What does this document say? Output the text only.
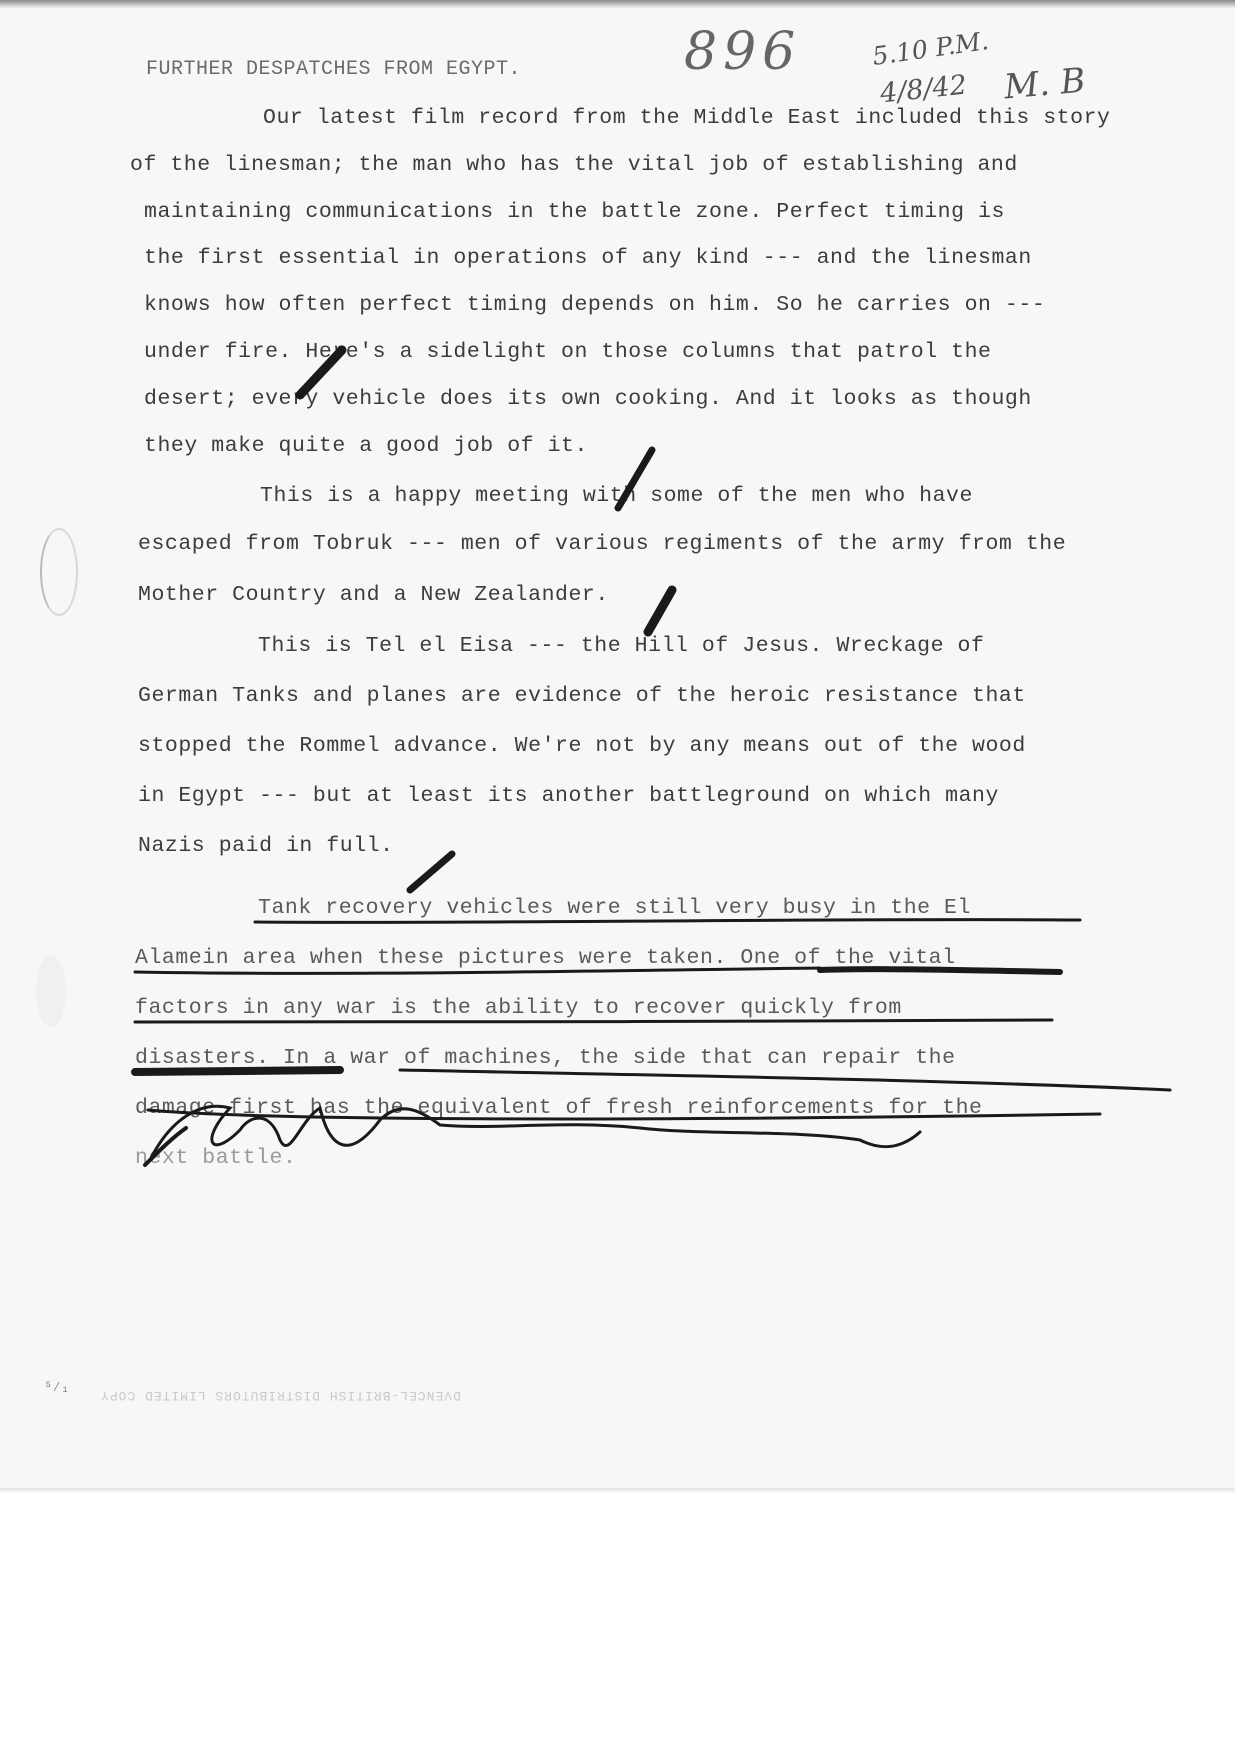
FURTHER DESPATCHES FROM EGYPT.	896	5.10 P.M.
4/8/42 M. B
Our latest film record from the Middle East included this story
of the linesman; the man who has the vital job of establishing and
maintaining communications in the battle zone. Perfect timing is
the first essential in operations of any kind --- and the linesman
knows how often perfect timing depends on him. So he carries on ---
under fire. Here's a sidelight on those columns that patrol the
desert; every vehicle does its own cooking. And it looks as though
they make quite a good job of it.
This is a happy meeting with some of the men who have
escaped from Tobruk --- men of various regiments of the army from the
Mother Country and a New Zealander.
This is Tel el Eisa --- the Hill of Jesus. Wreckage of
German Tanks and planes are evidence of the heroic resistance that
stopped the Rommel advance. We're not by any means out of the wood
in Egypt --- but at least its another battleground on which many
Nazis paid in full.
Tank recovery vehicles were still very busy in the El
Alamein area when these pictures were taken. One of the vital
factors in any war is the ability to recover quickly from
disasters. In a war of machines, the side that can repair the
damage first has the equivalent of fresh reinforcements for the
next battle.
DVENCEL-BRITISH DISTRIBUTORS LIMITED COPY
⁵⁄₁
